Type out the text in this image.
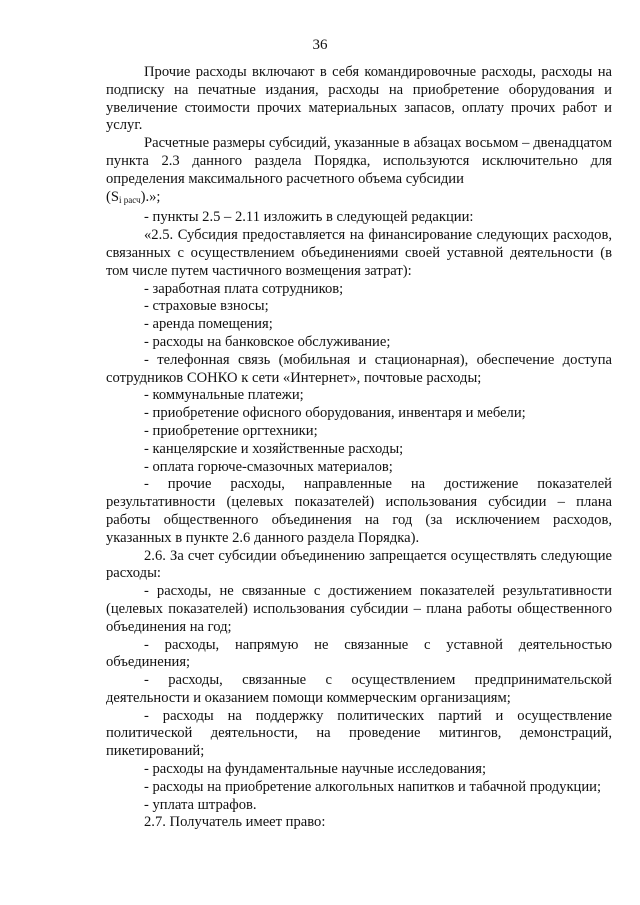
36

Прочие расходы включают в себя командировочные расходы, расходы на подписку на печатные издания, расходы на приобретение оборудования и увеличение стоимости прочих материальных запасов, оплату прочих работ и услуг.

Расчетные размеры субсидий, указанные в абзацах восьмом – двенадцатом пункта 2.3 данного раздела Порядка, используются исключительно для определения максимального расчетного объема субсидии
$(S_{i расч})$.»;

- пункты 2.5 – 2.11 изложить в следующей редакции:

«2.5. Субсидия предоставляется на финансирование следующих расходов, связанных с осуществлением объединениями своей уставной деятельности (в том числе путем частичного возмещения затрат):

- заработная плата сотрудников;

- страховые взносы;

- аренда помещения;

- расходы на банковское обслуживание;

- телефонная связь (мобильная и стационарная), обеспечение доступа сотрудников СОНКО к сети «Интернет», почтовые расходы;

- коммунальные платежи;

- приобретение офисного оборудования, инвентаря и мебели;

- приобретение оргтехники;

- канцелярские и хозяйственные расходы;

- оплата горюче-смазочных материалов;

- прочие расходы, направленные на достижение показателей результативности (целевых показателей) использования субсидии – плана работы общественного объединения на год (за исключением расходов, указанных в пункте 2.6 данного раздела Порядка).

2.6. За счет субсидии объединению запрещается осуществлять следующие расходы:

- расходы, не связанные с достижением показателей результативности (целевых показателей) использования субсидии – плана работы общественного объединения на год;

- расходы, напрямую не связанные с уставной деятельностью объединения;

- расходы, связанные с осуществлением предпринимательской деятельности и оказанием помощи коммерческим организациям;

- расходы на поддержку политических партий и осуществление политической деятельности, на проведение митингов, демонстраций, пикетирований;

- расходы на фундаментальные научные исследования;

- расходы на приобретение алкогольных напитков и табачной продукции;

- уплата штрафов.

2.7. Получатель имеет право:
